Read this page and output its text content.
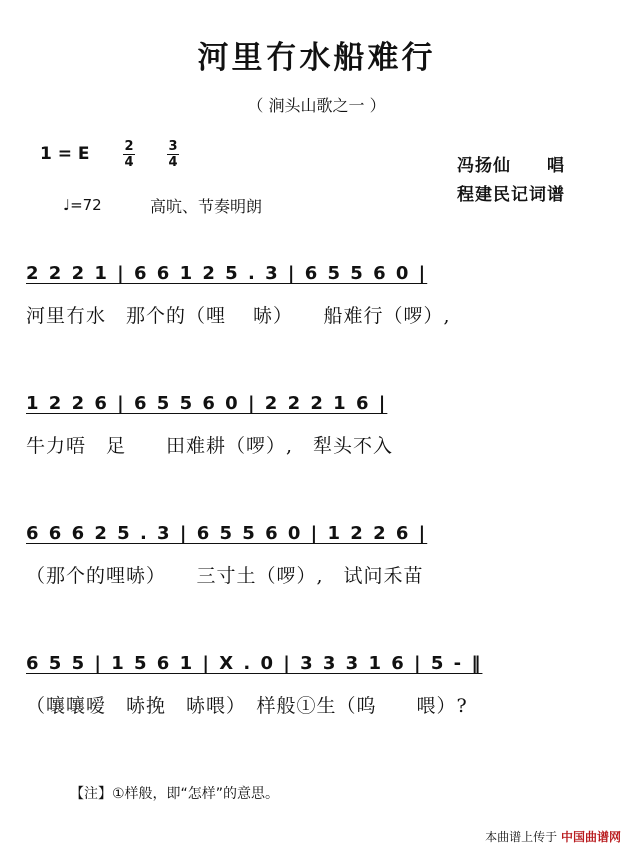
河里冇水船难行
（ 涧头山歌之一 ）
1 = E	2
4
3
4	冯扬仙　　唱
程建民记词谱
♩=72	高吭、节奏明朗
2 2 2 1 | 6 6 1 2 5 . 3 | 6 5 5 6 0 |
河里冇水　那个的（哩　 哧）　　船难行（啰）,
1 2 2 6 | 6 5 5 6 0 | 2 2 2 1 6 |
牛力唔　足　　田难耕（啰）,　犁头不入
6 6 6 2 5 . 3 | 6 5 5 6 0 | 1 2 2 6 |
（那个的哩哧）　　三寸土（啰）,　试问禾苗
6 5 5 | 1 5 6 1 | X . 0 | 3 3 3 1 6 | 5 - ‖
（嚷嚷嗳　哧挽　哧喂）　样般①生（呜　　喂）?
【注】①样般，即“怎样”的意思。
本曲谱上传于 中国曲谱网
